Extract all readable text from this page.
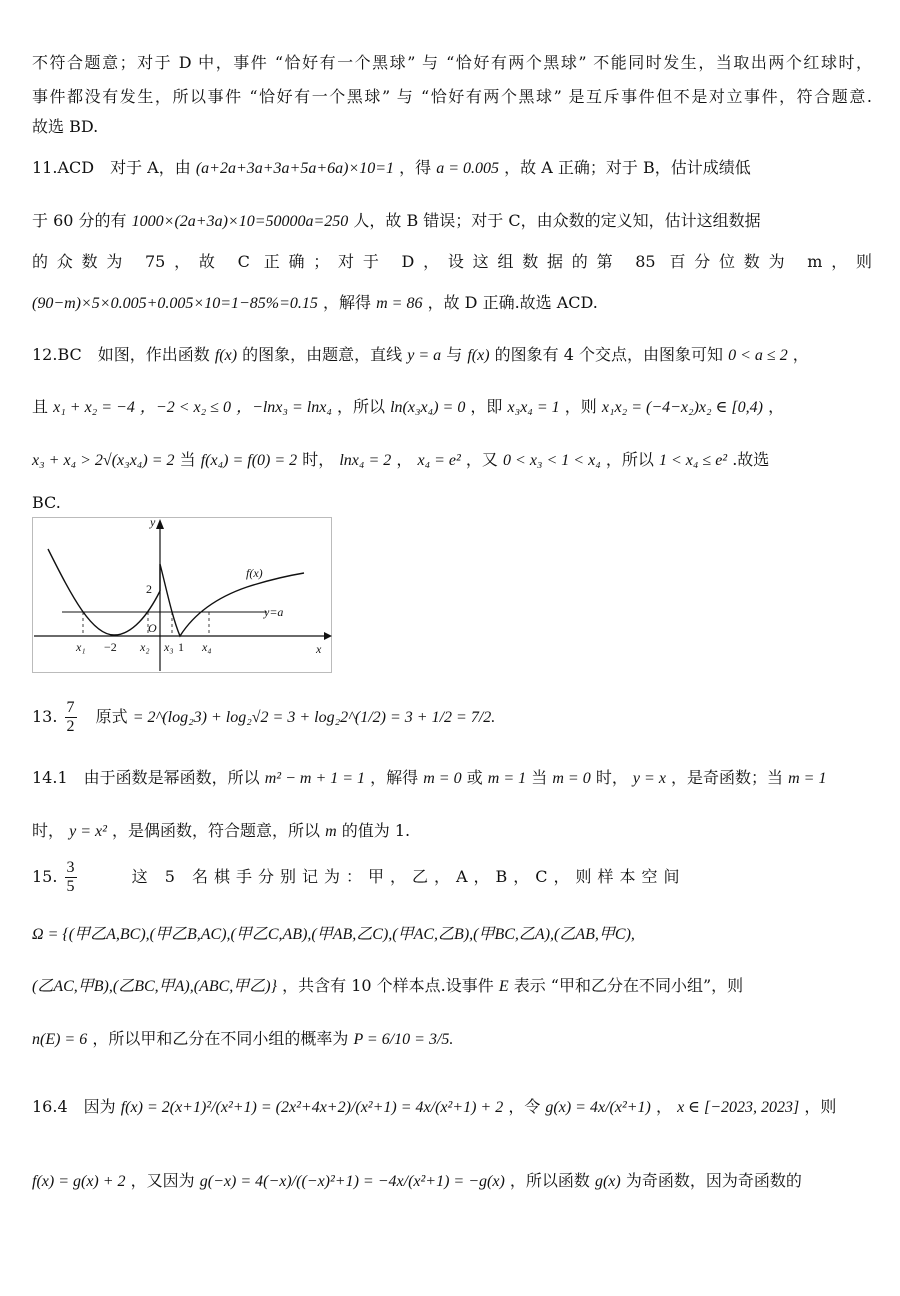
不符合题意；对于 D 中，事件 “恰好有一个黑球” 与 “恰好有两个黑球” 不能同时发生，当取出两个红球时，
事件都没有发生，所以事件 “恰好有一个黑球” 与 “恰好有两个黑球” 是互斥事件但不是对立事件，符合题意.
故选 BD.
11.ACD　对于 A，由 (a+2a+3a+3a+5a+6a)×10=1 ，得 a = 0.005 ，故 A 正确；对于 B，估计成绩低
于 60 分的有 1000×(2a+3a)×10=50000a=250 人，故 B 错误；对于 C，由众数的定义知，估计这组数据
的众数为 75，故 C 正确；对于 D，设这组数据的第 85 百分位数为 m，则
(90−m)×5×0.005+0.005×10=1−85%=0.15 ，解得 m = 86 ，故 D 正确.故选 ACD.
12.BC　如图，作出函数 f(x) 的图象，由题意，直线 y = a 与 f(x) 的图象有 4 个交点，由图象可知 0 < a ≤ 2 ，
且 x₁ + x₂ = −4 ，−2 < x₂ ≤ 0 ，−lnx₃ = lnx₄ ，所以 ln(x₃x₄) = 0 ，即 x₃x₄ = 1 ，则 x₁x₂ = (−4−x₂)x₂ ∈ [0,4) ，
x₃ + x₄ > 2√(x₃x₄) = 2 当 f(x₄) = f(0) = 2 时， lnx₄ = 2 ， x₄ = e² ，又 0 < x₃ < 1 < x₄ ，所以 1 < x₄ ≤ e² .故选
BC.
y
x
O
2
f(x)
y=a
x₁ −2 x₂ x₃ 1 x₄
13. $\frac{7}{2}$ 原式 = 2^(log₂3) + log₂√2 = 3 + log₂2^(1/2) = 3 + 1/2 = 7/2.
14.1　由于函数是幂函数，所以 m² − m + 1 = 1 ，解得 m = 0 或 m = 1 当 m = 0 时， y = x ，是奇函数；当 m = 1
时， y = x² ，是偶函数，符合题意，所以 m 的值为 1.
15. $\frac{3}{5}$	这 5 名棋手分别记为：甲，乙，A，B，C，则样本空间
Ω = {(甲乙A,BC),(甲乙B,AC),(甲乙C,AB),(甲AB,乙C),(甲AC,乙B),(甲BC,乙A),(乙AB,甲C),
(乙AC,甲B),(乙BC,甲A),(ABC,甲乙)} ，共含有 10 个样本点.设事件 E 表示 “甲和乙分在不同小组”，则
n(E) = 6 ，所以甲和乙分在不同小组的概率为 P = 6/10 = 3/5.
16.4　因为 f(x) = 2(x+1)²/(x²+1) = (2x²+4x+2)/(x²+1) = 4x/(x²+1) + 2 ，令 g(x) = 4x/(x²+1) ， x ∈ [−2023, 2023] ，则
f(x) = g(x) + 2 ，又因为 g(−x) = 4(−x)/((−x)²+1) = −4x/(x²+1) = −g(x) ，所以函数 g(x) 为奇函数，因为奇函数的
